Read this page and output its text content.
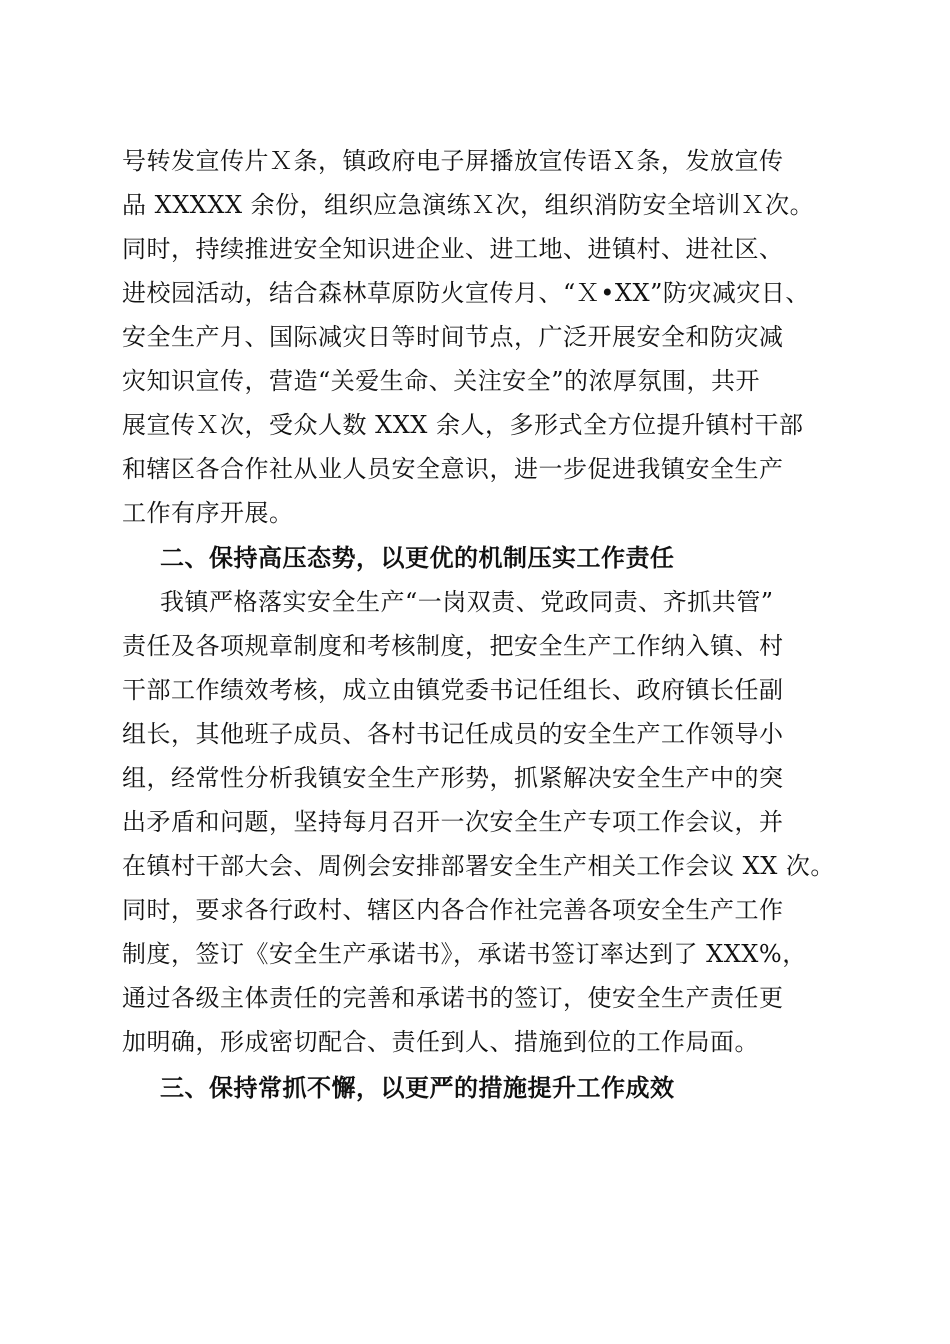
号转发宣传片Ｘ条，镇政府电子屏播放宣传语Ｘ条，发放宣传
品 XXXXX 余份，组织应急演练Ｘ次，组织消防安全培训Ｘ次。
同时，持续推进安全知识进企业、进工地、进镇村、进社区、
进校园活动，结合森林草原防火宣传月、“Ｘ•XX”防灾减灾日、
安全生产月、国际减灾日等时间节点，广泛开展安全和防灾减
灾知识宣传，营造“关爱生命、关注安全”的浓厚氛围，共开
展宣传Ｘ次，受众人数 XXX 余人，多形式全方位提升镇村干部
和辖区各合作社从业人员安全意识，进一步促进我镇安全生产
工作有序开展。
二、保持高压态势，以更优的机制压实工作责任
我镇严格落实安全生产“一岗双责、党政同责、齐抓共管”
责任及各项规章制度和考核制度，把安全生产工作纳入镇、村
干部工作绩效考核，成立由镇党委书记任组长、政府镇长任副
组长，其他班子成员、各村书记任成员的安全生产工作领导小
组，经常性分析我镇安全生产形势，抓紧解决安全生产中的突
出矛盾和问题，坚持每月召开一次安全生产专项工作会议，并
在镇村干部大会、周例会安排部署安全生产相关工作会议 XX 次。
同时，要求各行政村、辖区内各合作社完善各项安全生产工作
制度，签订《安全生产承诺书》，承诺书签订率达到了 XXX%，
通过各级主体责任的完善和承诺书的签订，使安全生产责任更
加明确，形成密切配合、责任到人、措施到位的工作局面。
三、保持常抓不懈，以更严的措施提升工作成效
